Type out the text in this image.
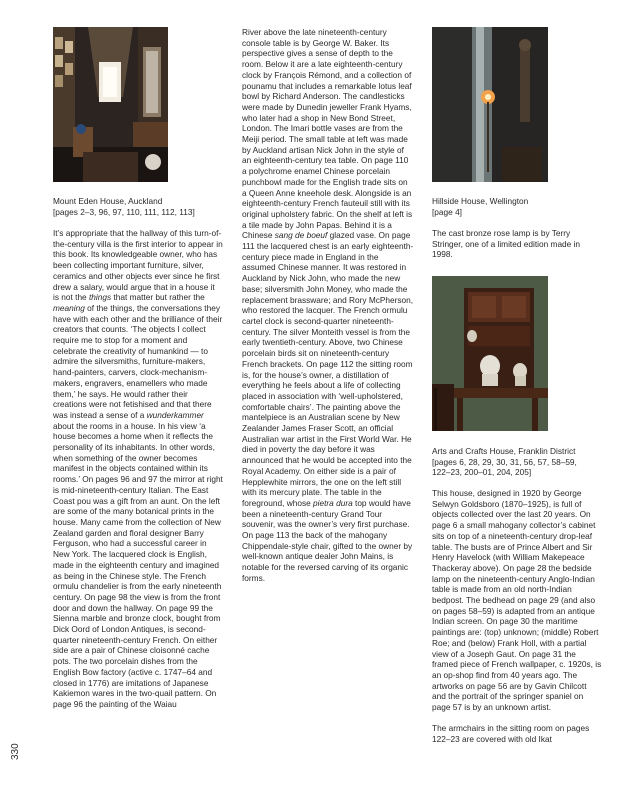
Mount Eden House, Auckland
[pages 2–3, 96, 97, 110, 111, 112, 113]

It’s appropriate that the hallway of this turn-of-the-century villa is the first interior to appear in this book. Its knowledgeable owner, who has been collecting important furniture, silver, ceramics and other objects ever since he first drew a salary, would argue that in a house it is not the things that matter but rather the meaning of the things, the conversations they have with each other and the brilliance of their creators that counts. ‘The objects I collect require me to stop for a moment and celebrate the creativity of humankind — to admire the silversmiths, furniture-makers, hand-painters, carvers, clock-mechanism-makers, engravers, enamellers who made them,’ he says. He would rather their creations were not fetishised and that there was instead a sense of a wunderkammer about the rooms in a house. In his view ‘a house becomes a home when it reflects the personality of its inhabitants. In other words, when something of the owner becomes manifest in the objects contained within its rooms.’ On pages 96 and 97 the mirror at right is mid-nineteenth-century Italian. The East Coast pou was a gift from an aunt. On the left are some of the many botanical prints in the house. Many came from the collection of New Zealand garden and floral designer Barry Ferguson, who had a successful career in New York. The lacquered clock is English, made in the eighteenth century and imagined as being in the Chinese style. The French ormulu chandelier is from the early nineteenth century. On page 98 the view is from the front door and down the hallway. On page 99 the Sienna marble and bronze clock, bought from Dick Oord of London Antiques, is second-quarter nineteenth-century French. On either side are a pair of Chinese cloisonné cache pots. The two porcelain dishes from the English Bow factory (active c. 1747–64 and closed in 1776) are imitations of Japanese Kakiemon wares in the two-quail pattern. On page 96 the painting of the Waiau

River above the late nineteenth-century console table is by George W. Baker. Its perspective gives a sense of depth to the room. Below it are a late eighteenth-century clock by François Rémond, and a collection of pounamu that includes a remarkable lotus leaf bowl by Richard Anderson. The candlesticks were made by Dunedin jeweller Frank Hyams, who later had a shop in New Bond Street, London. The Imari bottle vases are from the Meiji period. The small table at left was made by Auckland artisan Nick John in the style of an eighteenth-century tea table. On page 110 a polychrome enamel Chinese porcelain punchbowl made for the English trade sits on a Queen Anne kneehole desk. Alongside is an eighteenth-century French fauteuil still with its original upholstery fabric. On the shelf at left is a tile made by John Papas. Behind it is a Chinese sang de boeuf glazed vase. On page 111 the lacquered chest is an early eighteenth-century piece made in England in the assumed Chinese manner. It was restored in Auckland by Nick John, who made the new base; silversmith John Money, who made the replacement brassware; and Rory McPherson, who restored the lacquer. The French ormulu cartel clock is second-quarter nineteenth-century. The silver Monteith vessel is from the early twentieth-century. Above, two Chinese porcelain birds sit on nineteenth-century French brackets. On page 112 the sitting room is, for the house’s owner, a distillation of everything he feels about a life of collecting placed in association with ‘well-upholstered, comfortable chairs’. The painting above the mantelpiece is an Australian scene by New Zealander James Fraser Scott, an official Australian war artist in the First World War. He died in poverty the day before it was announced that he would be accepted into the Royal Academy. On either side is a pair of Hepplewhite mirrors, the one on the left still with its mercury plate. The table in the foreground, whose pietra dura top would have been a nineteenth-century Grand Tour souvenir, was the owner’s very first purchase. On page 113 the back of the mahogany Chippendale-style chair, gifted to the owner by well-known antique dealer John Mains, is notable for the reversed carving of its organic forms.

Hillside House, Wellington
[page 4]

The cast bronze rose lamp is by Terry Stringer, one of a limited edition made in 1998.

Arts and Crafts House, Franklin District
[pages 6, 28, 29, 30, 31, 56, 57, 58–59,
122–23, 200–01, 204, 205]

This house, designed in 1920 by George Selwyn Goldsboro (1870–1925), is full of objects collected over the last 20 years. On page 6 a small mahogany collector’s cabinet sits on top of a nineteenth-century drop-leaf table. The busts are of Prince Albert and Sir Henry Havelock (with William Makepeace Thackeray above). On page 28 the bedside lamp on the nineteenth-century Anglo-Indian table is made from an old north-Indian bedpost. The bedhead on page 29 (and also on pages 58–59) is adapted from an antique Indian screen. On page 30 the maritime paintings are: (top) unknown; (middle) Robert Roe; and (below) Frank Holl, with a partial view of a Joseph Gaut. On page 31 the framed piece of French wallpaper, c. 1920s, is an op-shop find from 40 years ago. The artworks on page 56 are by Gavin Chilcott and the portrait of the springer spaniel on page 57 is by an unknown artist.

The armchairs in the sitting room on pages 122–23 are covered with old Ikat

330
